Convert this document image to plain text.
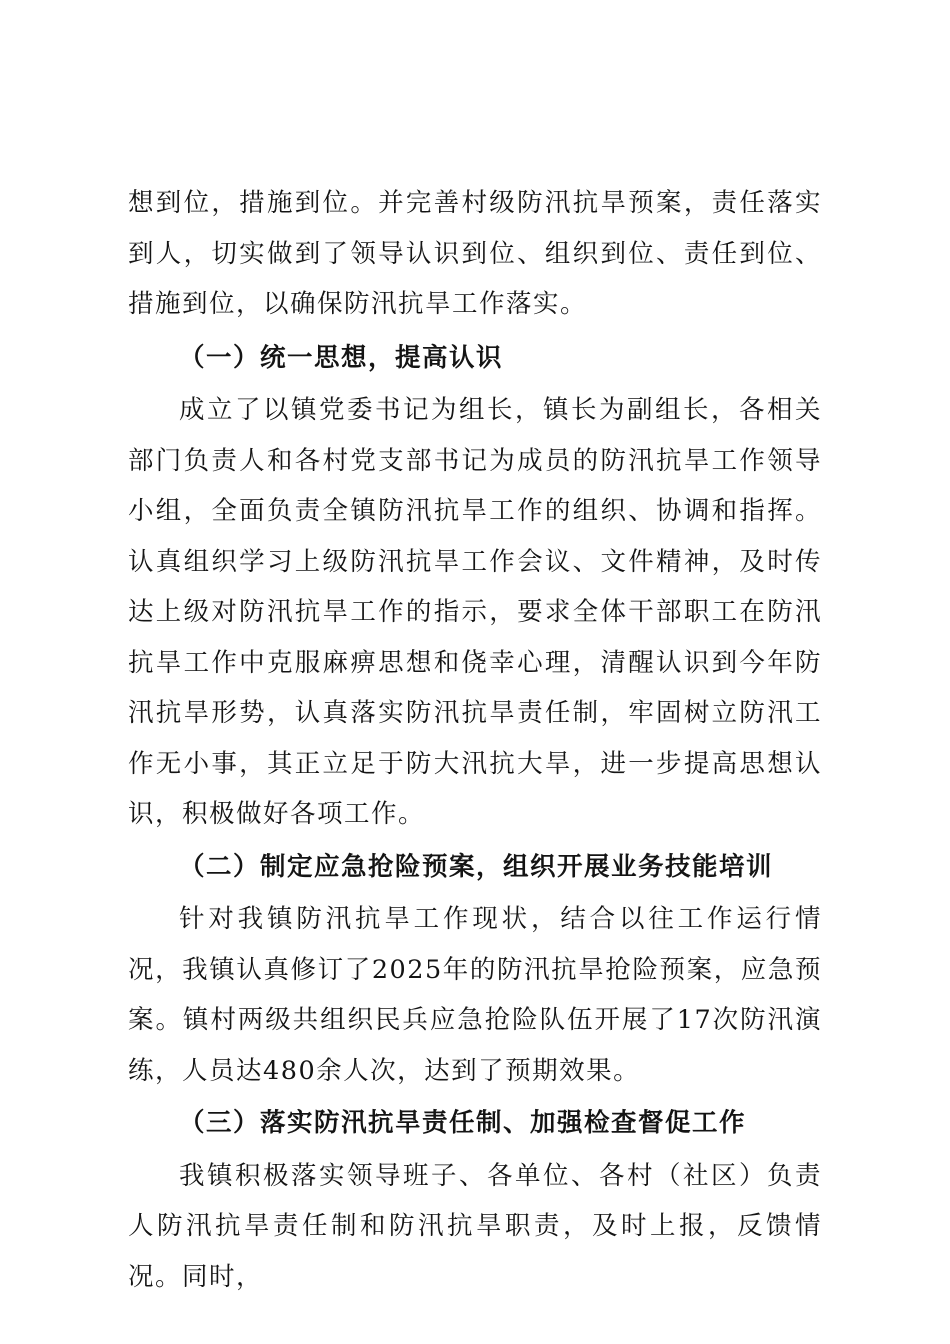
想到位，措施到位。并完善村级防汛抗旱预案，责任落实到人，切实做到了领导认识到位、组织到位、责任到位、措施到位，以确保防汛抗旱工作落实。

（一）统一思想，提高认识

成立了以镇党委书记为组长，镇长为副组长，各相关部门负责人和各村党支部书记为成员的防汛抗旱工作领导小组，全面负责全镇防汛抗旱工作的组织、协调和指挥。认真组织学习上级防汛抗旱工作会议、文件精神，及时传达上级对防汛抗旱工作的指示，要求全体干部职工在防汛抗旱工作中克服麻痹思想和侥幸心理，清醒认识到今年防汛抗旱形势，认真落实防汛抗旱责任制，牢固树立防汛工作无小事，其正立足于防大汛抗大旱，进一步提高思想认识，积极做好各项工作。

（二）制定应急抢险预案，组织开展业务技能培训

针对我镇防汛抗旱工作现状，结合以往工作运行情况，我镇认真修订了2025年的防汛抗旱抢险预案，应急预案。镇村两级共组织民兵应急抢险队伍开展了17次防汛演练，人员达480余人次，达到了预期效果。

（三）落实防汛抗旱责任制、加强检查督促工作

我镇积极落实领导班子、各单位、各村（社区）负责人防汛抗旱责任制和防汛抗旱职责，及时上报，反馈情况。同时，
